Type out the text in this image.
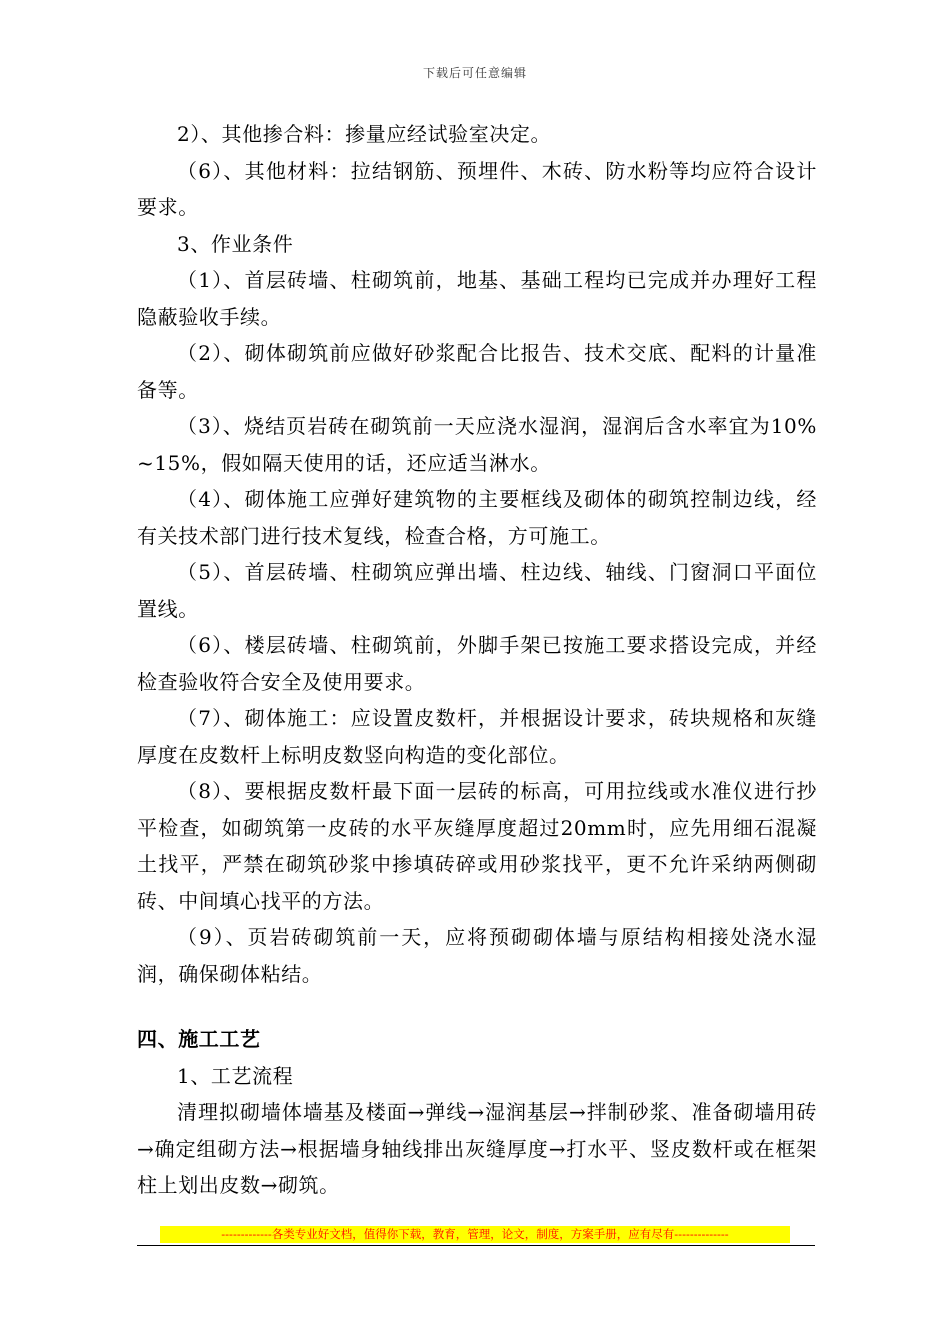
下载后可任意编辑

2）、其他掺合料：掺量应经试验室决定。

（6）、其他材料：拉结钢筋、预埋件、木砖、防水粉等均应符合设计要求。

3、作业条件

（1）、首层砖墙、柱砌筑前，地基、基础工程均已完成并办理好工程隐蔽验收手续。

（2）、砌体砌筑前应做好砂浆配合比报告、技术交底、配料的计量准备等。

（3）、烧结页岩砖在砌筑前一天应浇水湿润，湿润后含水率宜为10%~15%，假如隔天使用的话，还应适当淋水。

（4）、砌体施工应弹好建筑物的主要框线及砌体的砌筑控制边线，经有关技术部门进行技术复线，检查合格，方可施工。

（5）、首层砖墙、柱砌筑应弹出墙、柱边线、轴线、门窗洞口平面位置线。

（6）、楼层砖墙、柱砌筑前，外脚手架已按施工要求搭设完成，并经检查验收符合安全及使用要求。

（7）、砌体施工：应设置皮数杆，并根据设计要求，砖块规格和灰缝厚度在皮数杆上标明皮数竖向构造的变化部位。

（8）、要根据皮数杆最下面一层砖的标高，可用拉线或水准仪进行抄平检查，如砌筑第一皮砖的水平灰缝厚度超过20mm时，应先用细石混凝土找平，严禁在砌筑砂浆中掺填砖碎或用砂浆找平，更不允许采纳两侧砌砖、中间填心找平的方法。

（9）、页岩砖砌筑前一天，应将预砌砌体墙与原结构相接处浇水湿润，确保砌体粘结。

四、施工工艺

1、工艺流程

清理拟砌墙体墙基及楼面→弹线→湿润基层→拌制砂浆、准备砌墙用砖→确定组砌方法→根据墙身轴线排出灰缝厚度→打水平、竖皮数杆或在框架柱上划出皮数→砌筑。

-------------各类专业好文档，值得你下载，教育，管理，论文，制度，方案手册，应有尽有--------------
